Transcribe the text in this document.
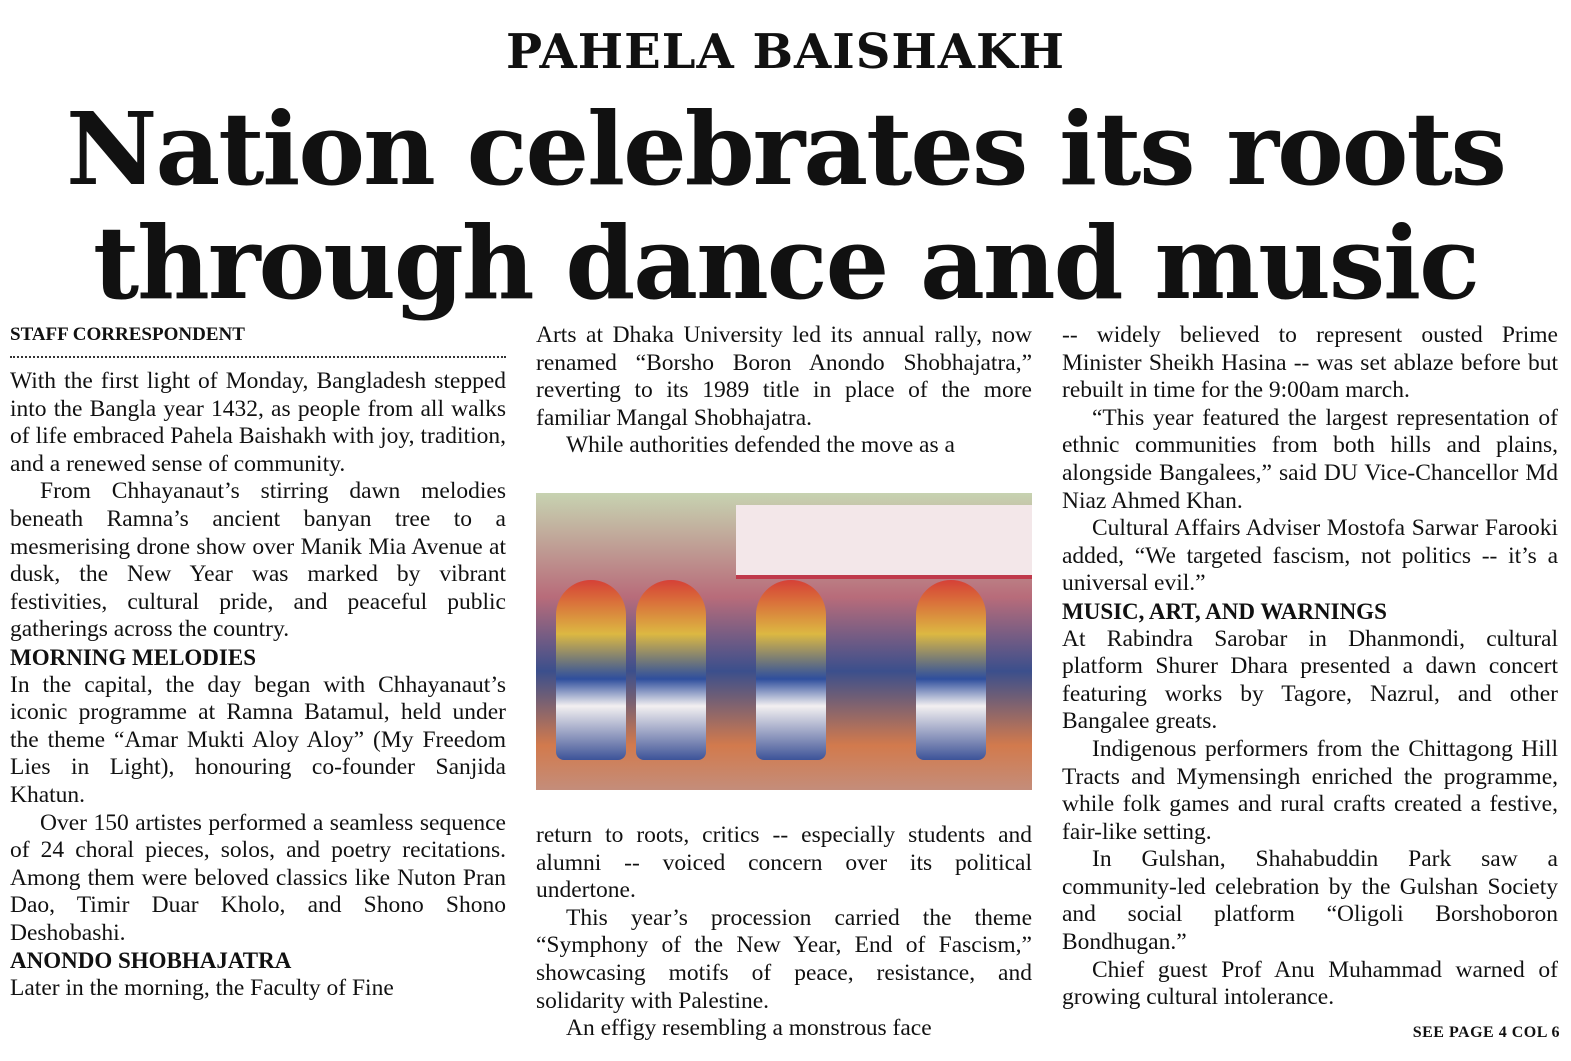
PAHELA BAISHAKH
Nation celebrates its roots
through dance and music

STAFF CORRESPONDENT

With the first light of Monday, Bangladesh stepped into the Bangla year 1432, as people from all walks of life embraced Pahela Baishakh with joy, tradition, and a renewed sense of community.

From Chhayanaut’s stirring dawn melodies beneath Ramna’s ancient banyan tree to a mesmerising drone show over Manik Mia Avenue at dusk, the New Year was marked by vibrant festivities, cultural pride, and peaceful public gatherings across the country.

MORNING MELODIES

In the capital, the day began with Chhayanaut’s iconic programme at Ramna Batamul, held under the theme “Amar Mukti Aloy Aloy” (My Freedom Lies in Light), honouring co-founder Sanjida Khatun.

Over 150 artistes performed a seamless sequence of 24 choral pieces, solos, and poetry recitations. Among them were beloved classics like Nuton Pran Dao, Timir Duar Kholo, and Shono Shono Deshobashi.

ANONDO SHOBHAJATRA

Later in the morning, the Faculty of Fine

Arts at Dhaka University led its annual rally, now renamed “Borsho Boron Anondo Shobhajatra,” reverting to its 1989 title in place of the more familiar Mangal Shobhajatra.

While authorities defended the move as a

return to roots, critics -- especially students and alumni -- voiced concern over its political undertone.

This year’s procession carried the theme “Symphony of the New Year, End of Fascism,” showcasing motifs of peace, resistance, and solidarity with Palestine.

An effigy resembling a monstrous face

-- widely believed to represent ousted Prime Minister Sheikh Hasina -- was set ablaze before but rebuilt in time for the 9:00am march.

“This year featured the largest representation of ethnic communities from both hills and plains, alongside Bangalees,” said DU Vice-Chancellor Md Niaz Ahmed Khan.

Cultural Affairs Adviser Mostofa Sarwar Farooki added, “We targeted fascism, not politics -- it’s a universal evil.”

MUSIC, ART, AND WARNINGS

At Rabindra Sarobar in Dhanmondi, cultural platform Shurer Dhara presented a dawn concert featuring works by Tagore, Nazrul, and other Bangalee greats.

Indigenous performers from the Chittagong Hill Tracts and Mymensingh enriched the programme, while folk games and rural crafts created a festive, fair-like setting.

In Gulshan, Shahabuddin Park saw a community-led celebration by the Gulshan Society and social platform “Oligoli Borshoboron Bondhugan.”

Chief guest Prof Anu Muhammad warned of growing cultural intolerance.

SEE PAGE 4 COL 6
